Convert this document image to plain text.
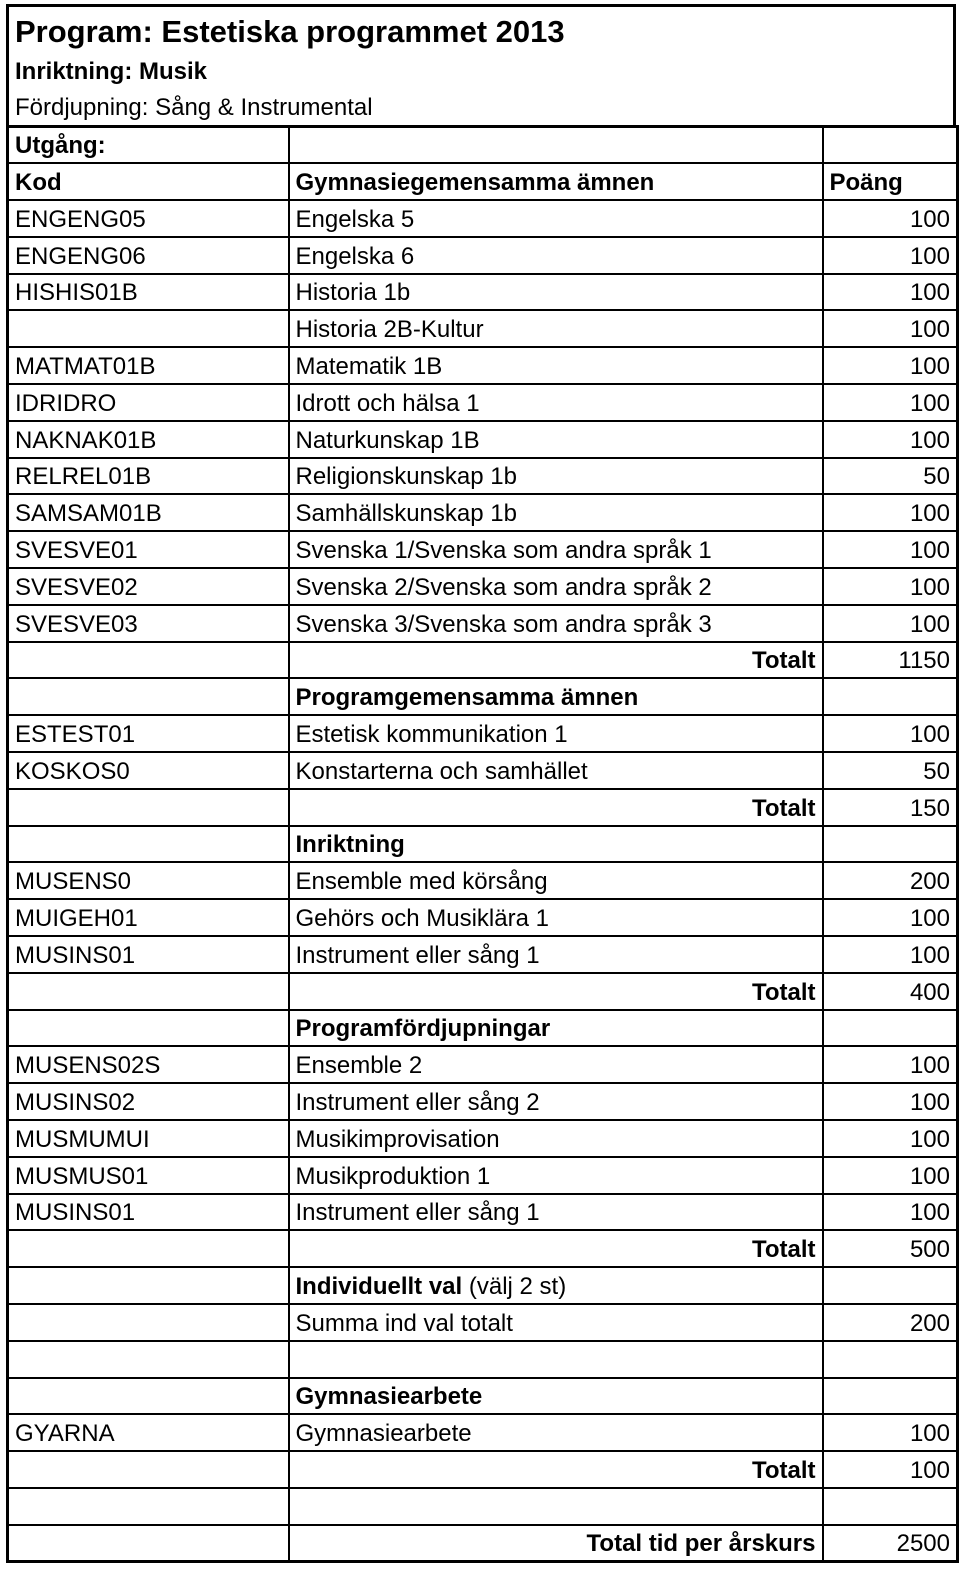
Program: Estetiska programmet 2013
Inriktning: Musik
Fördjupning: Sång & Instrumental
Utgång:		
Kod	Gymnasiegemensamma ämnen	Poäng
ENGENG05	Engelska 5	100
ENGENG06	Engelska 6	100
HISHIS01B	Historia 1b	100
	Historia 2B-Kultur	100
MATMAT01B	Matematik 1B	100
IDRIDRO	Idrott och hälsa 1	100
NAKNAK01B	Naturkunskap 1B	100
RELREL01B	Religionskunskap 1b	50
SAMSAM01B	Samhällskunskap 1b	100
SVESVE01	Svenska 1/Svenska som andra språk 1	100
SVESVE02	Svenska 2/Svenska som andra språk 2	100
SVESVE03	Svenska 3/Svenska som andra språk 3	100
	Totalt	1150
	Programgemensamma ämnen	
ESTEST01	Estetisk kommunikation 1	100
KOSKOS0	Konstarterna och samhället	50
	Totalt	150
	Inriktning	
MUSENS0	Ensemble med körsång	200
MUIGEH01	Gehörs och Musiklära 1	100
MUSINS01	Instrument eller sång 1	100
	Totalt	400
	Programfördjupningar	
MUSENS02S	Ensemble 2	100
MUSINS02	Instrument eller sång 2	100
MUSMUMUI	Musikimprovisation	100
MUSMUS01	Musikproduktion 1	100
MUSINS01	Instrument eller sång 1	100
	Totalt	500
	Individuellt val (välj 2 st)	
	Summa ind val totalt	200

	Gymnasiearbete	
GYARNA	Gymnasiearbete	100
	Totalt	100

	Total tid per årskurs	2500
